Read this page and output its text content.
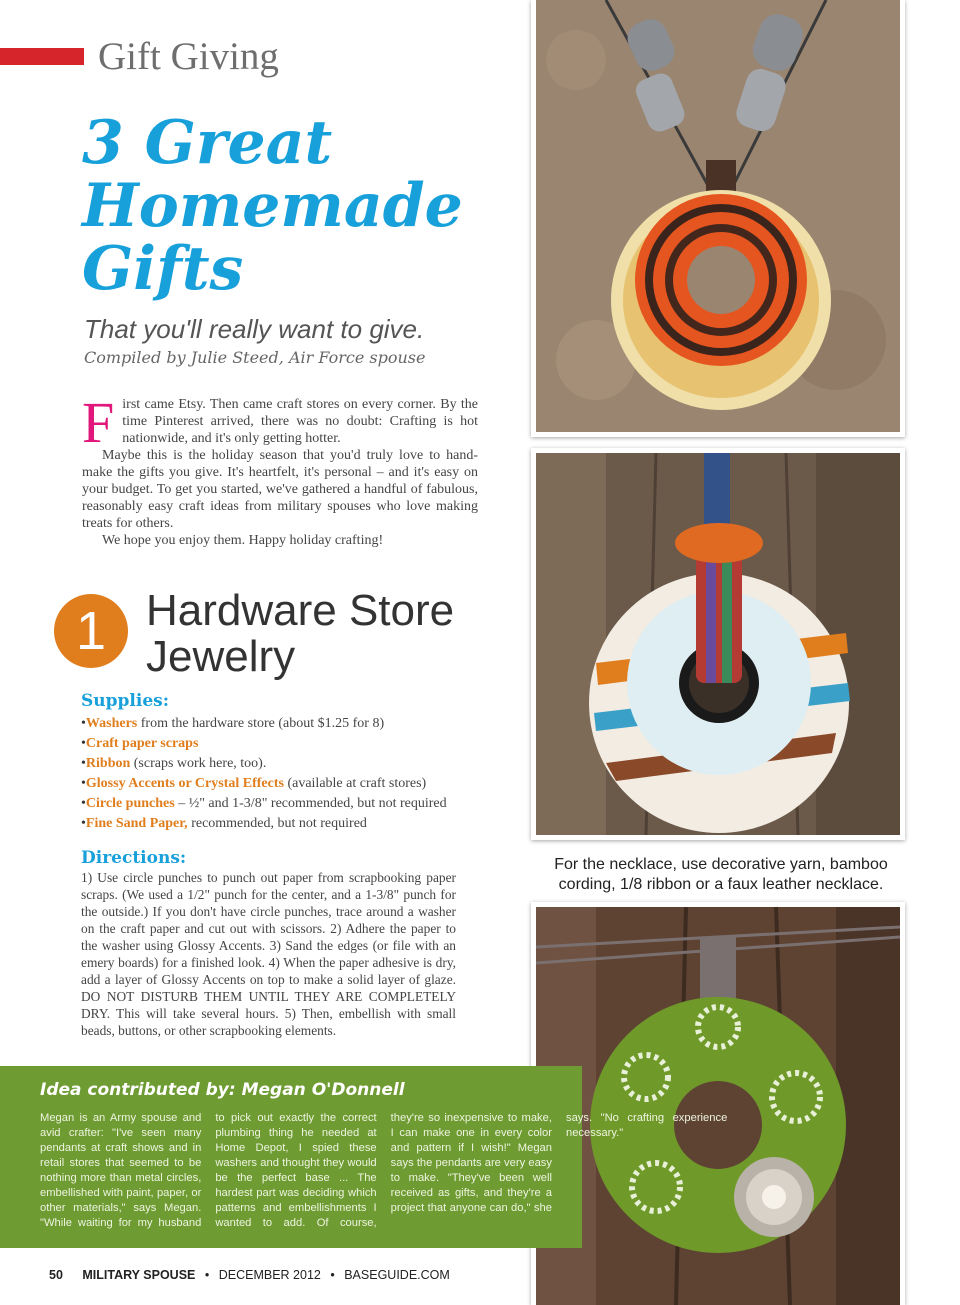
Gift Giving
3 Great
Homemade
Gifts
That you'll really want to give.
Compiled by Julie Steed, Air Force spouse

First came Etsy. Then came craft stores on every corner. By the time Pinterest arrived, there was no doubt: Crafting is hot nationwide, and it's only getting hotter.

Maybe this is the holiday season that you'd truly love to hand-make the gifts you give. It's heartfelt, it's personal – and it's easy on your budget. To get you started, we've gathered a handful of fabulous, reasonably easy craft ideas from military spouses who love making treats for others.

We hope you enjoy them. Happy holiday crafting!

1 Hardware Store
Jewelry
Supplies:
• Washers from the hardware store (about $1.25 for 8)
• Craft paper scraps
• Ribbon (scraps work here, too).
• Glossy Accents or Crystal Effects (available at craft stores)
• Circle punches – ½" and 1-3/8" recommended, but not required
• Fine Sand Paper, recommended, but not required
Directions:

1) Use circle punches to punch out paper from scrapbooking paper scraps. (We used a 1/2" punch for the center, and a 1-3/8" punch for the outside.) If you don't have circle punches, trace around a washer on the craft paper and cut out with scissors. 2) Adhere the paper to the washer using Glossy Accents. 3) Sand the edges (or file with an emery boards) for a finished look. 4) When the paper adhesive is dry, add a layer of Glossy Accents on top to make a solid layer of glaze. DO NOT DISTURB THEM UNTIL THEY ARE COMPLETELY DRY. This will take several hours. 5) Then, embellish with small beads, buttons, or other scrapbooking elements.

For the necklace, use decorative yarn, bamboo cording, 1/8 ribbon or a faux leather necklace.

Idea contributed by: Megan O'Donnell

Megan is an Army spouse and avid crafter: "I've seen many pendants at craft shows and in retail stores that seemed to be nothing more than metal circles, embellished with paint, paper, or other materials," says Megan. "While waiting for my husband to pick out exactly the correct plumbing thing he needed at Home Depot, I spied these washers and thought they would be the perfect base ... The hardest part was deciding which patterns and embellishments I wanted to add. Of course, they're so inexpensive to make, I can make one in every color and pattern if I wish!" Megan says the pendants are very easy to make. "They've been well received as gifts, and they're a project that anyone can do," she says. "No crafting experience necessary."

50 MILITARY SPOUSE • DECEMBER 2012 • BASEGUIDE.COM
